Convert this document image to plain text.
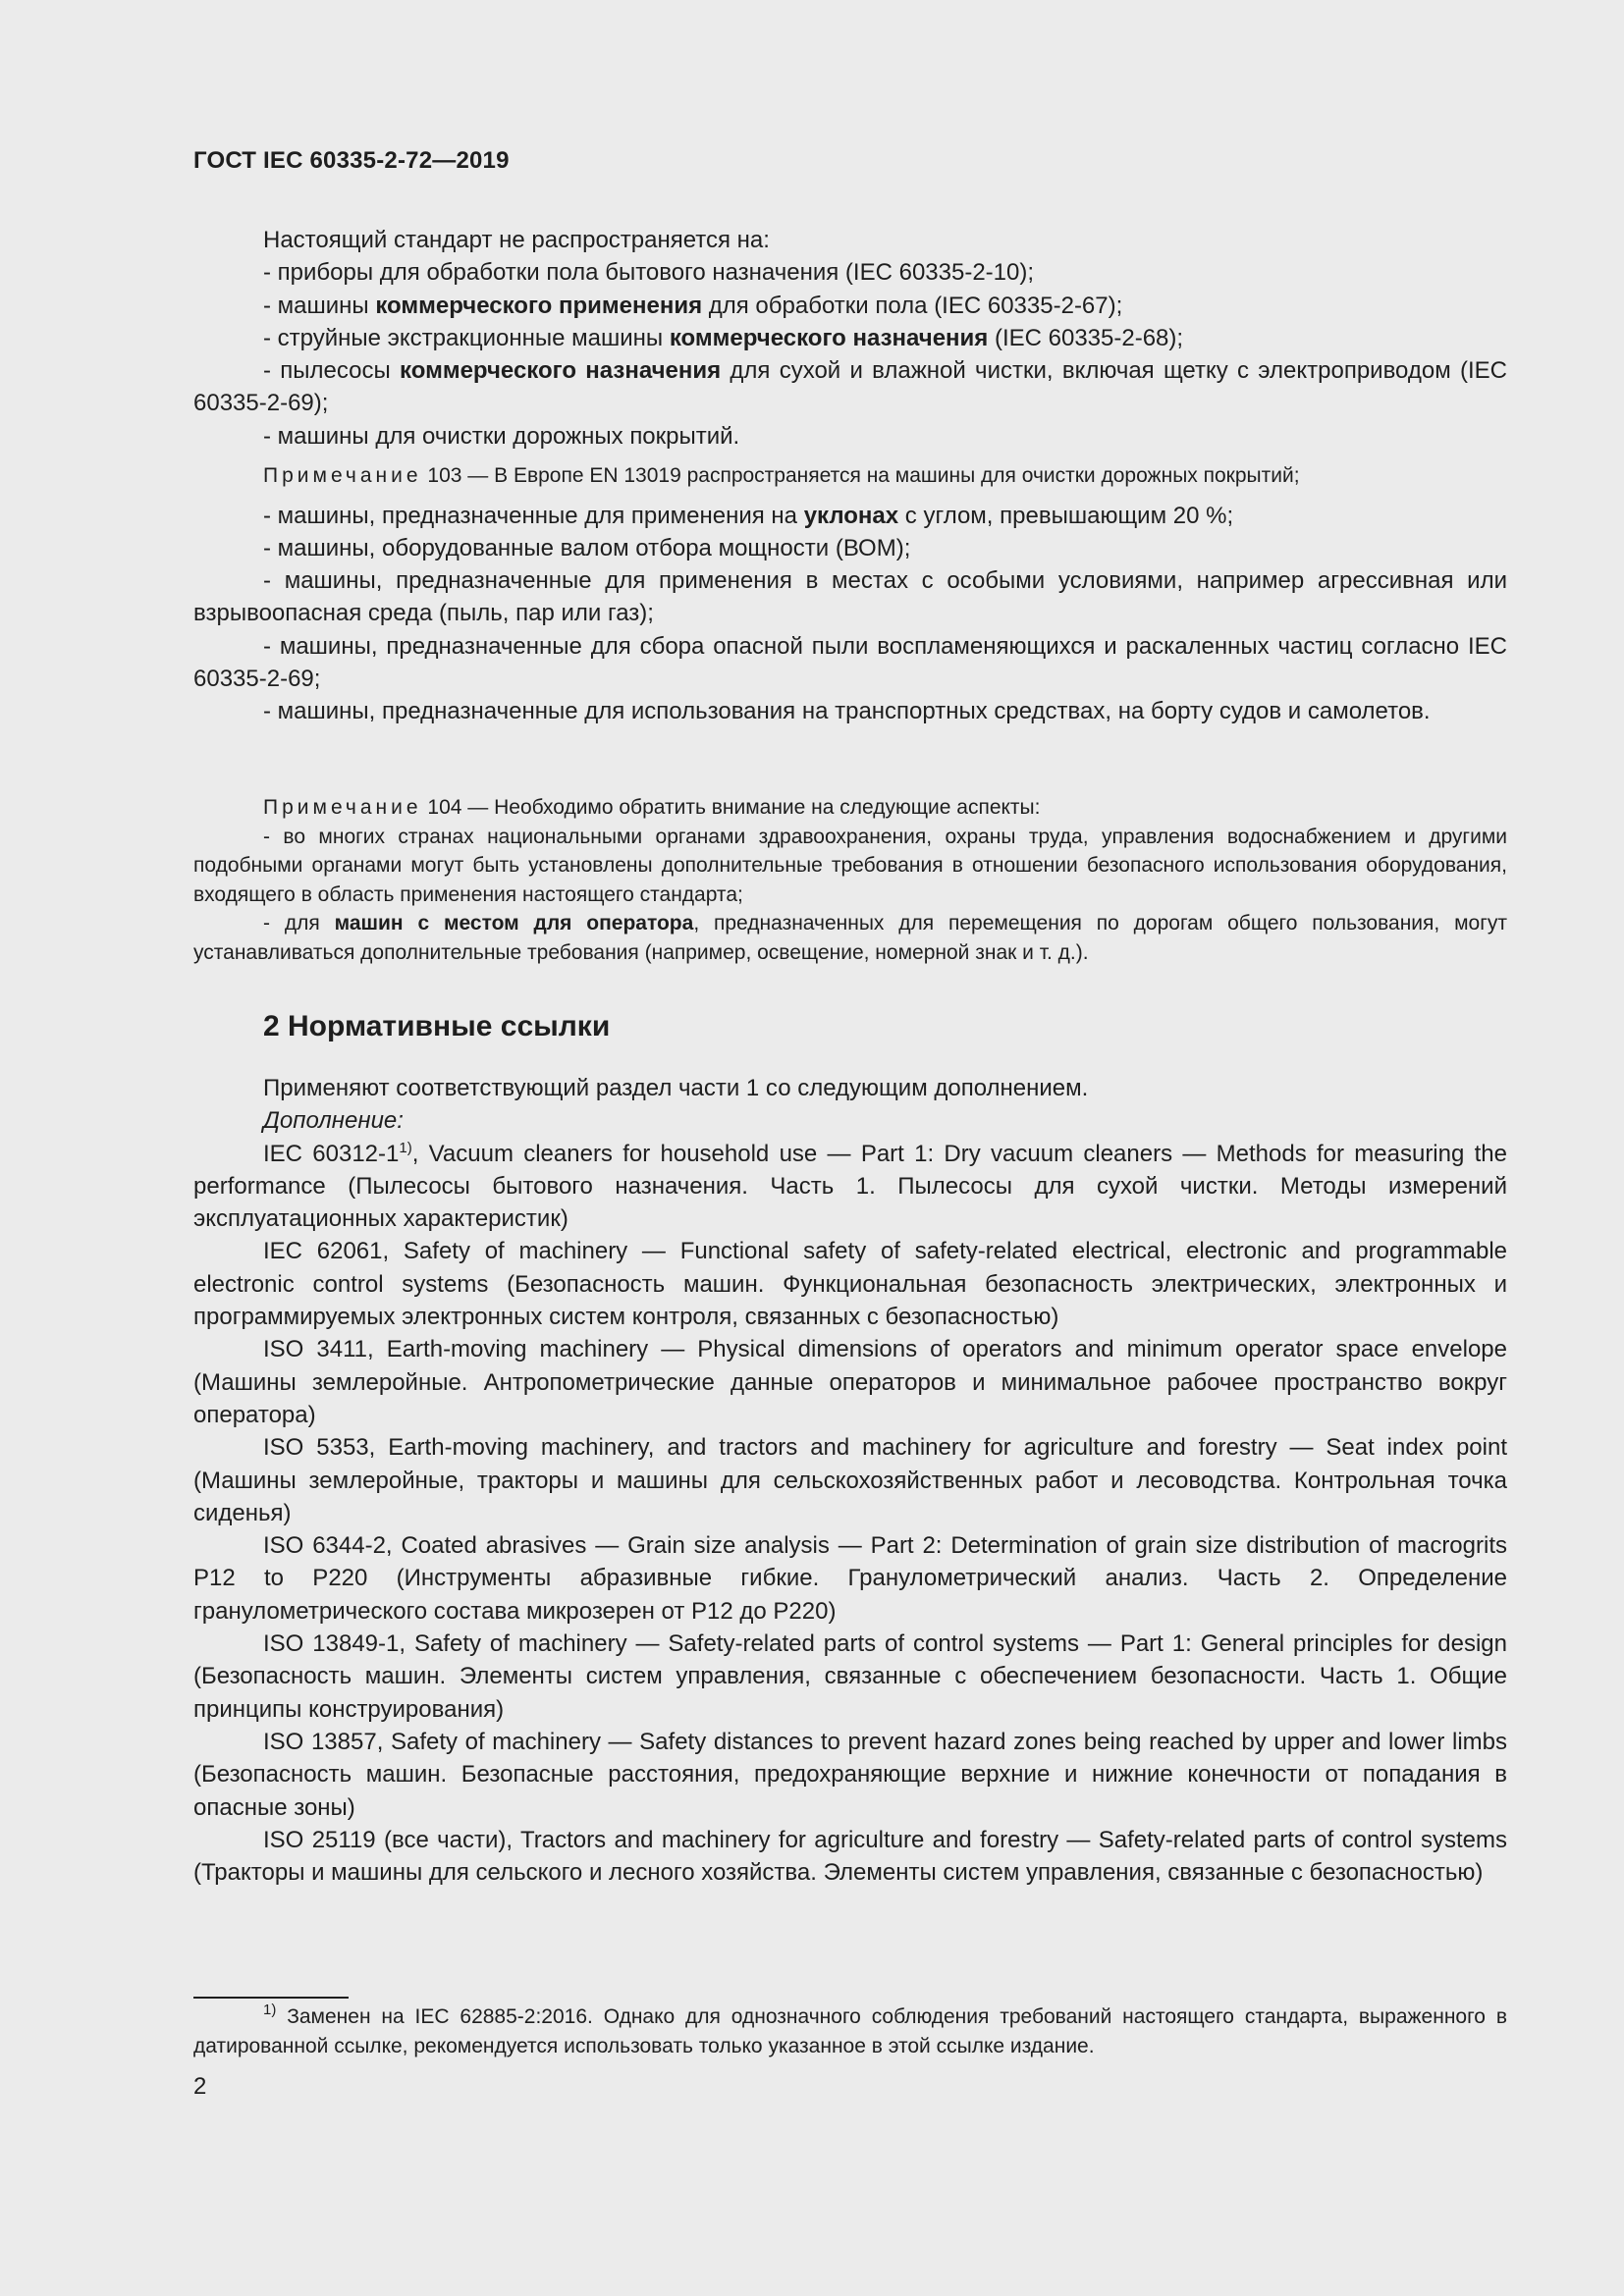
ГОСТ IEC 60335-2-72—2019

Настоящий стандарт не распространяется на:

- приборы для обработки пола бытового назначения (IEC 60335-2-10);

- машины коммерческого применения для обработки пола (IEC 60335-2-67);

- струйные экстракционные машины коммерческого назначения (IEC 60335-2-68);

- пылесосы коммерческого назначения для сухой и влажной чистки, включая щетку с электроприводом (IEC 60335-2-69);

- машины для очистки дорожных покрытий.

Примечание 103 — В Европе EN 13019 распространяется на машины для очистки дорожных покрытий;

- машины, предназначенные для применения на уклонах с углом, превышающим 20 %;

- машины, оборудованные валом отбора мощности (ВОМ);

- машины, предназначенные для применения в местах с особыми условиями, например агрессивная или взрывоопасная среда (пыль, пар или газ);

- машины, предназначенные для сбора опасной пыли воспламеняющихся и раскаленных частиц согласно IEC 60335-2-69;

- машины, предназначенные для использования на транспортных средствах, на борту судов и самолетов.

Примечание 104 — Необходимо обратить внимание на следующие аспекты:

- во многих странах национальными органами здравоохранения, охраны труда, управления водоснабжением и другими подобными органами могут быть установлены дополнительные требования в отношении безопасного использования оборудования, входящего в область применения настоящего стандарта;

- для машин с местом для оператора, предназначенных для перемещения по дорогам общего пользования, могут устанавливаться дополнительные требования (например, освещение, номерной знак и т. д.).

2 Нормативные ссылки

Применяют соответствующий раздел части 1 со следующим дополнением.

Дополнение:

IEC 60312-1$^{1)}$, Vacuum cleaners for household use — Part 1: Dry vacuum cleaners — Methods for measuring the performance (Пылесосы бытового назначения. Часть 1. Пылесосы для сухой чистки. Методы измерений эксплуатационных характеристик)

IEC 62061, Safety of machinery — Functional safety of safety-related electrical, electronic and programmable electronic control systems (Безопасность машин. Функциональная безопасность электрических, электронных и программируемых электронных систем контроля, связанных с безопасностью)

ISO 3411, Earth-moving machinery — Physical dimensions of operators and minimum operator space envelope (Машины землеройные. Антропометрические данные операторов и минимальное рабочее пространство вокруг оператора)

ISO 5353, Earth-moving machinery, and tractors and machinery for agriculture and forestry — Seat index point (Машины землеройные, тракторы и машины для сельскохозяйственных работ и лесоводства. Контрольная точка сиденья)

ISO 6344-2, Coated abrasives — Grain size analysis — Part 2: Determination of grain size distribution of macrogrits P12 to P220 (Инструменты абразивные гибкие. Гранулометрический анализ. Часть 2. Определение гранулометрического состава микрозерен от P12 до P220)

ISO 13849-1, Safety of machinery — Safety-related parts of control systems — Part 1: General principles for design (Безопасность машин. Элементы систем управления, связанные с обеспечением безопасности. Часть 1. Общие принципы конструирования)

ISO 13857, Safety of machinery — Safety distances to prevent hazard zones being reached by upper and lower limbs (Безопасность машин. Безопасные расстояния, предохраняющие верхние и нижние конечности от попадания в опасные зоны)

ISO 25119 (все части), Tractors and machinery for agriculture and forestry — Safety-related parts of control systems (Тракторы и машины для сельского и лесного хозяйства. Элементы систем управления, связанные с безопасностью)

$^{1)}$ Заменен на IEC 62885-2:2016. Однако для однозначного соблюдения требований настоящего стандарта, выраженного в датированной ссылке, рекомендуется использовать только указанное в этой ссылке издание.

2
